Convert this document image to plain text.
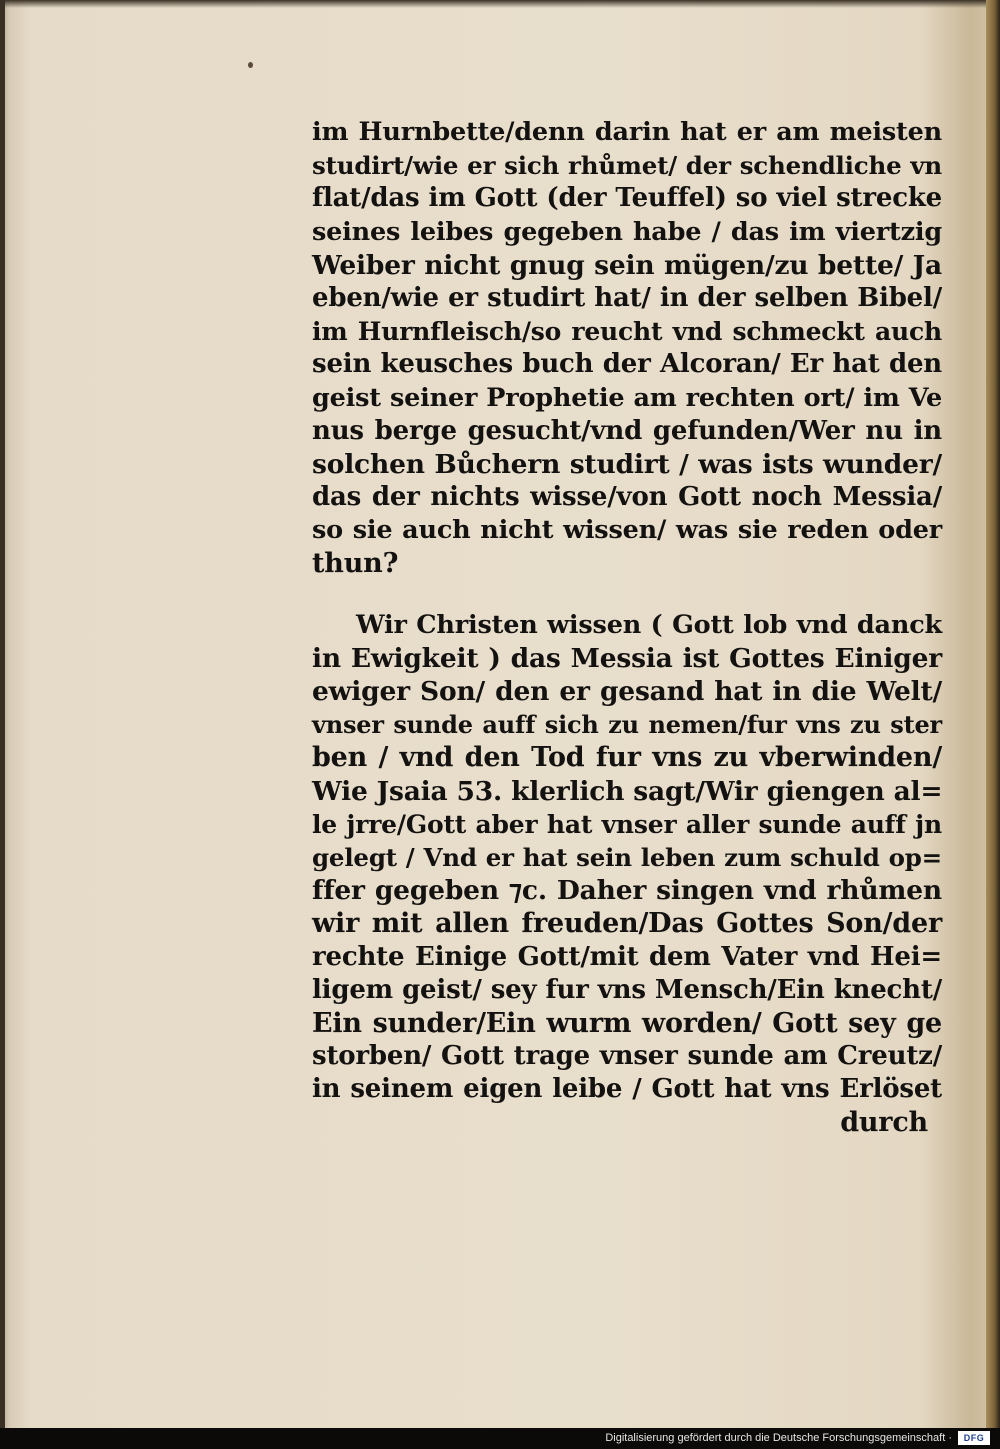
im Hurnbette/denn darin hat er am meisten
studirt/wie er sich rhůmet/ der schendliche vn
flat/das im Gott (der Teuffel) so viel strecke
seines leibes gegeben habe / das im viertzig
Weiber nicht gnug sein mügen/zu bette/ Ja
eben/wie er studirt hat/ in der selben Bibel/
im Hurnfleisch/so reucht vnd schmeckt auch
sein keusches buch der Alcoran/ Er hat den
geist seiner Prophetie am rechten ort/ im Ve
nus berge gesucht/vnd gefunden/Wer nu in
solchen Bůchern studirt / was ists wunder/
das der nichts wisse/von Gott noch Messia/
so sie auch nicht wissen/ was sie reden oder
thun?
Wir Christen wissen ( Gott lob vnd danck
in Ewigkeit ) das Messia ist Gottes Einiger
ewiger Son/ den er gesand hat in die Welt/
vnser sunde auff sich zu nemen/fur vns zu ster
ben / vnd den Tod fur vns zu vberwinden/
Wie Jsaia 53. klerlich sagt/Wir giengen al=
le jrre/Gott aber hat vnser aller sunde auff jn
gelegt / Vnd er hat sein leben zum schuld op=
ffer gegeben ⁊c. Daher singen vnd rhůmen
wir mit allen freuden/Das Gottes Son/der
rechte Einige Gott/mit dem Vater vnd Hei=
ligem geist/ sey fur vns Mensch/Ein knecht/
Ein sunder/Ein wurm worden/ Gott sey ge
storben/ Gott trage vnser sunde am Creutz/
in seinem eigen leibe / Gott hat vns Erlöset
durch
Digitalisierung gefördert durch die Deutsche Forschungsgemeinschaft ·	DFG
